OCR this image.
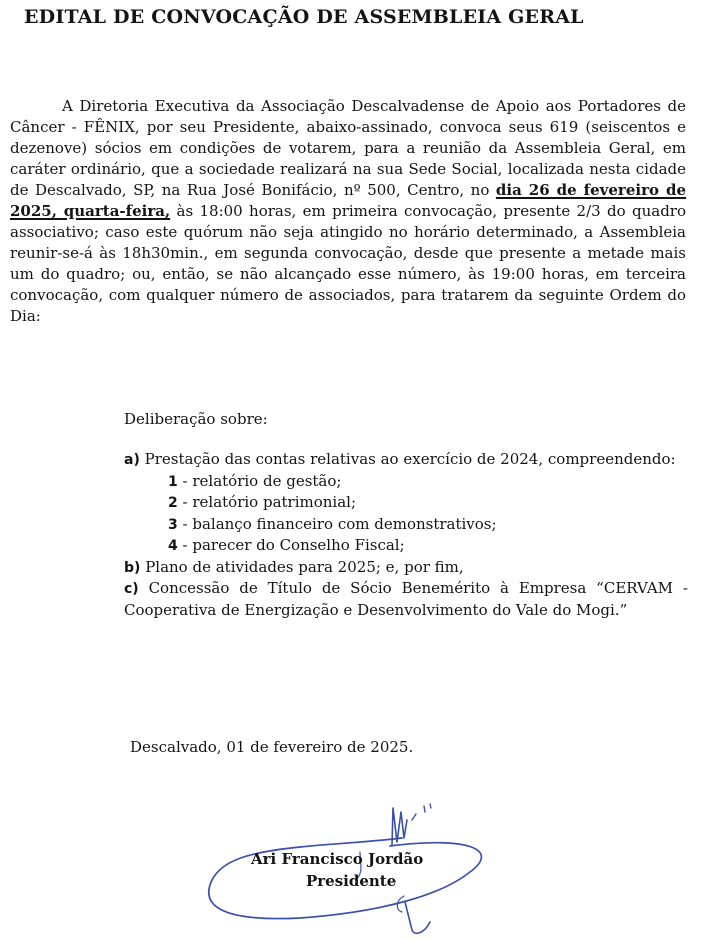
EDITAL DE CONVOCAÇÃO DE ASSEMBLEIA GERAL

A Diretoria Executiva da Associação Descalvadense de Apoio aos Portadores de Câncer - FÊNIX, por seu Presidente, abaixo-assinado, convoca seus 619 (seiscentos e dezenove) sócios em condições de votarem, para a reunião da Assembleia Geral, em caráter ordinário, que a sociedade realizará na sua Sede Social, localizada nesta cidade de Descalvado, SP, na Rua José Bonifácio, nº 500, Centro, no dia 26 de fevereiro de 2025, quarta-feira, às 18:00 horas, em primeira convocação, presente 2/3 do quadro associativo; caso este quórum não seja atingido no horário determinado, a Assembleia reunir-se-á às 18h30min., em segunda convocação, desde que presente a metade mais um do quadro; ou, então, se não alcançado esse número, às 19:00 horas, em terceira convocação, com qualquer número de associados, para tratarem da seguinte Ordem do Dia:

Deliberação sobre:
a) Prestação das contas relativas ao exercício de 2024, compreendendo:
1 - relatório de gestão;
2 - relatório patrimonial;
3 - balanço financeiro com demonstrativos;
4 - parecer do Conselho Fiscal;
b) Plano de atividades para 2025; e, por fim,
c) Concessão de Título de Sócio Benemérito à Empresa “CERVAM - Cooperativa de Energização e Desenvolvimento do Vale do Mogi.”
Descalvado, 01 de fevereiro de 2025.
Ari Francisco Jordão
Presidente
